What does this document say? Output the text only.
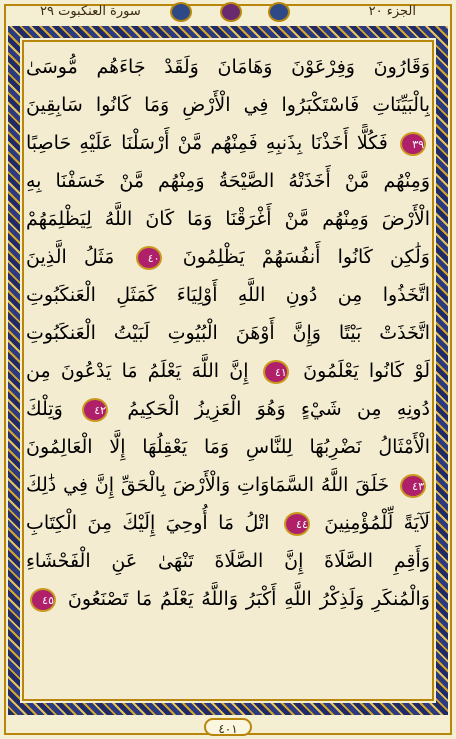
الجزء ٢٠
سورة العنكبوت ٢٩
وَقَارُونَ وَفِرْعَوْنَ وَهَامَانَ وَلَقَدْ جَاءَهُم مُّوسَىٰ
بِالْبَيِّنَاتِ فَاسْتَكْبَرُوا فِي الْأَرْضِ وَمَا كَانُوا سَابِقِينَ
٣٩ فَكُلًّا أَخَذْنَا بِذَنبِهِ فَمِنْهُم مَّنْ أَرْسَلْنَا عَلَيْهِ حَاصِبًا
وَمِنْهُم مَّنْ أَخَذَتْهُ الصَّيْحَةُ وَمِنْهُم مَّنْ خَسَفْنَا بِهِ
الْأَرْضَ وَمِنْهُم مَّنْ أَغْرَقْنَا وَمَا كَانَ اللَّهُ لِيَظْلِمَهُمْ
وَلَٰكِن كَانُوا أَنفُسَهُمْ يَظْلِمُونَ ٤٠ مَثَلُ الَّذِينَ
اتَّخَذُوا مِن دُونِ اللَّهِ أَوْلِيَاءَ كَمَثَلِ الْعَنكَبُوتِ
اتَّخَذَتْ بَيْتًا وَإِنَّ أَوْهَنَ الْبُيُوتِ لَبَيْتُ الْعَنكَبُوتِ
لَوْ كَانُوا يَعْلَمُونَ ٤١ إِنَّ اللَّهَ يَعْلَمُ مَا يَدْعُونَ مِن
دُونِهِ مِن شَيْءٍ وَهُوَ الْعَزِيزُ الْحَكِيمُ ٤٢ وَتِلْكَ
الْأَمْثَالُ نَضْرِبُهَا لِلنَّاسِ وَمَا يَعْقِلُهَا إِلَّا الْعَالِمُونَ
٤٣ خَلَقَ اللَّهُ السَّمَاوَاتِ وَالْأَرْضَ بِالْحَقِّ إِنَّ فِي ذَٰلِكَ
لَآيَةً لِّلْمُؤْمِنِينَ ٤٤ اتْلُ مَا أُوحِيَ إِلَيْكَ مِنَ الْكِتَابِ
وَأَقِمِ الصَّلَاةَ إِنَّ الصَّلَاةَ تَنْهَىٰ عَنِ الْفَحْشَاءِ
وَالْمُنكَرِ وَلَذِكْرُ اللَّهِ أَكْبَرُ وَاللَّهُ يَعْلَمُ مَا تَصْنَعُونَ ٤٥
٤٠١
